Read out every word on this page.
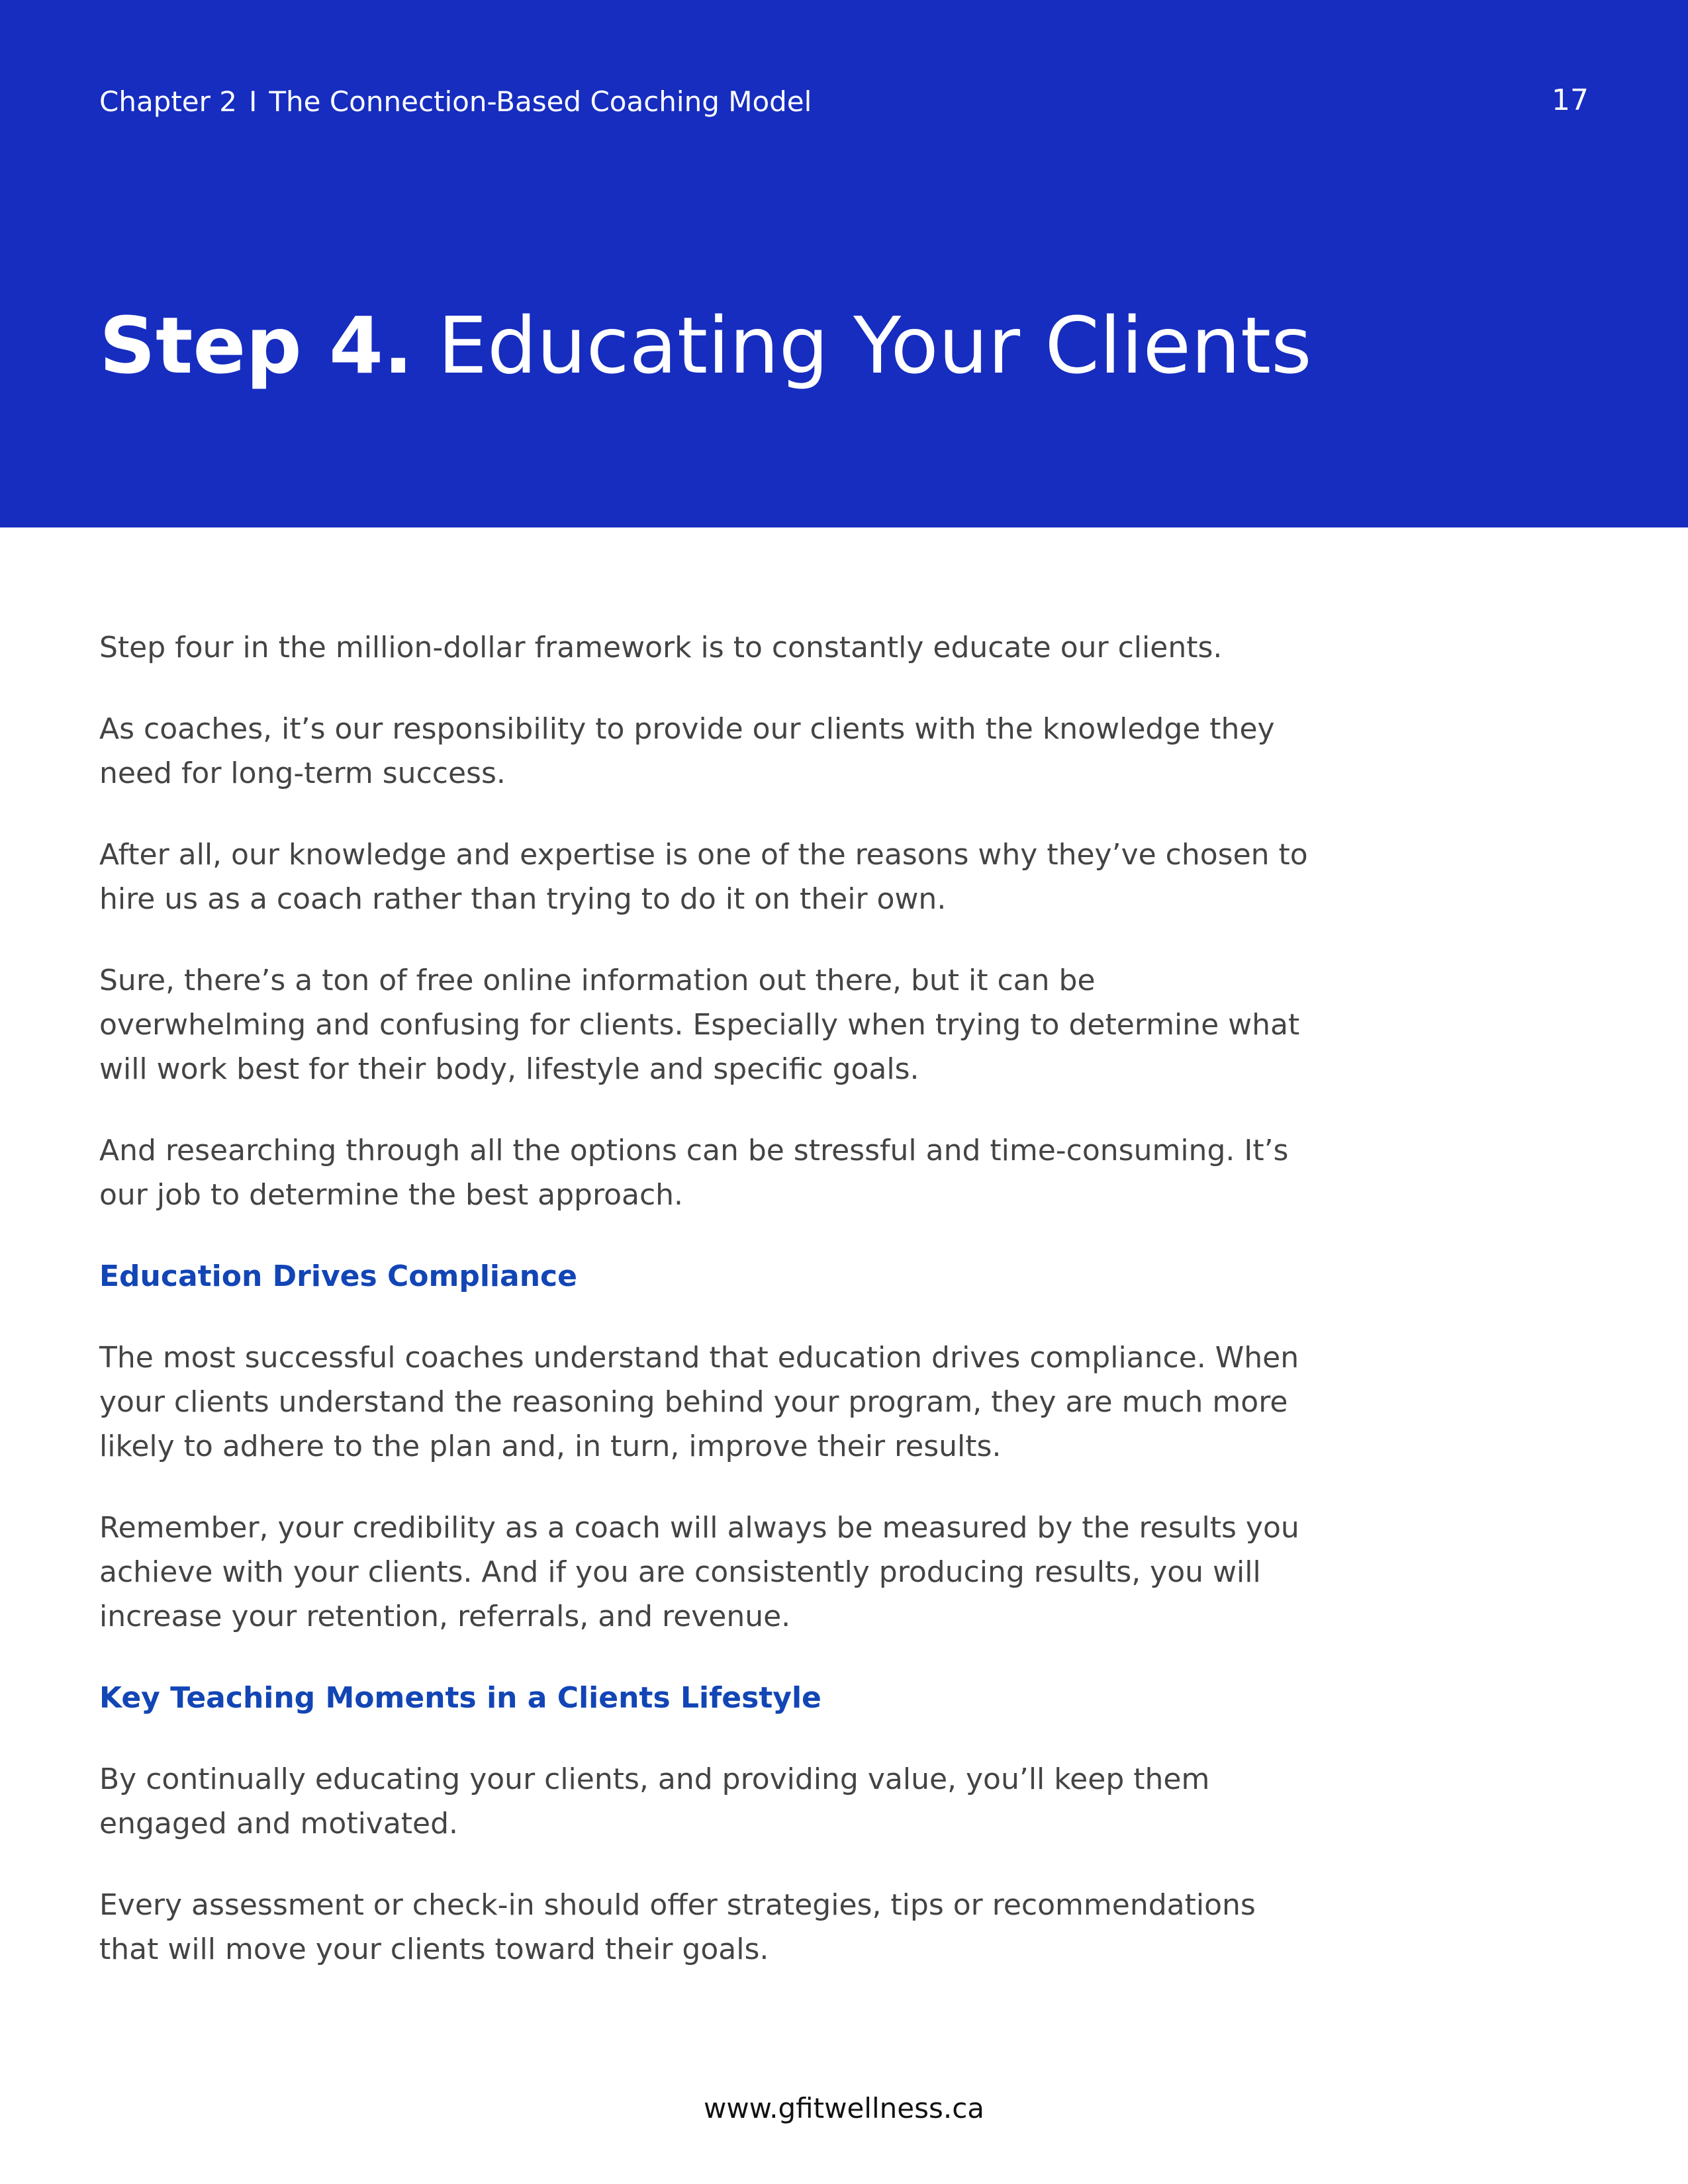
Chapter 2 I The Connection-Based Coaching Model	17
Step 4. Educating Your Clients

Step four in the million-dollar framework is to constantly educate our clients.

As coaches, it’s our responsibility to provide our clients with the knowledge they need for long-term success.

After all, our knowledge and expertise is one of the reasons why they’ve chosen to hire us as a coach rather than trying to do it on their own.

Sure, there’s a ton of free online information out there, but it can be overwhelming and confusing for clients. Especially when trying to determine what will work best for their body, lifestyle and specific goals.

And researching through all the options can be stressful and time-consuming. It’s our job to determine the best approach.

Education Drives Compliance

The most successful coaches understand that education drives compliance. When your clients understand the reasoning behind your program, they are much more likely to adhere to the plan and, in turn, improve their results.

Remember, your credibility as a coach will always be measured by the results you achieve with your clients. And if you are consistently producing results, you will increase your retention, referrals, and revenue.

Key Teaching Moments in a Clients Lifestyle

By continually educating your clients, and providing value, you’ll keep them engaged and motivated.

Every assessment or check-in should offer strategies, tips or recommendations that will move your clients toward their goals.

www.gfitwellness.ca
